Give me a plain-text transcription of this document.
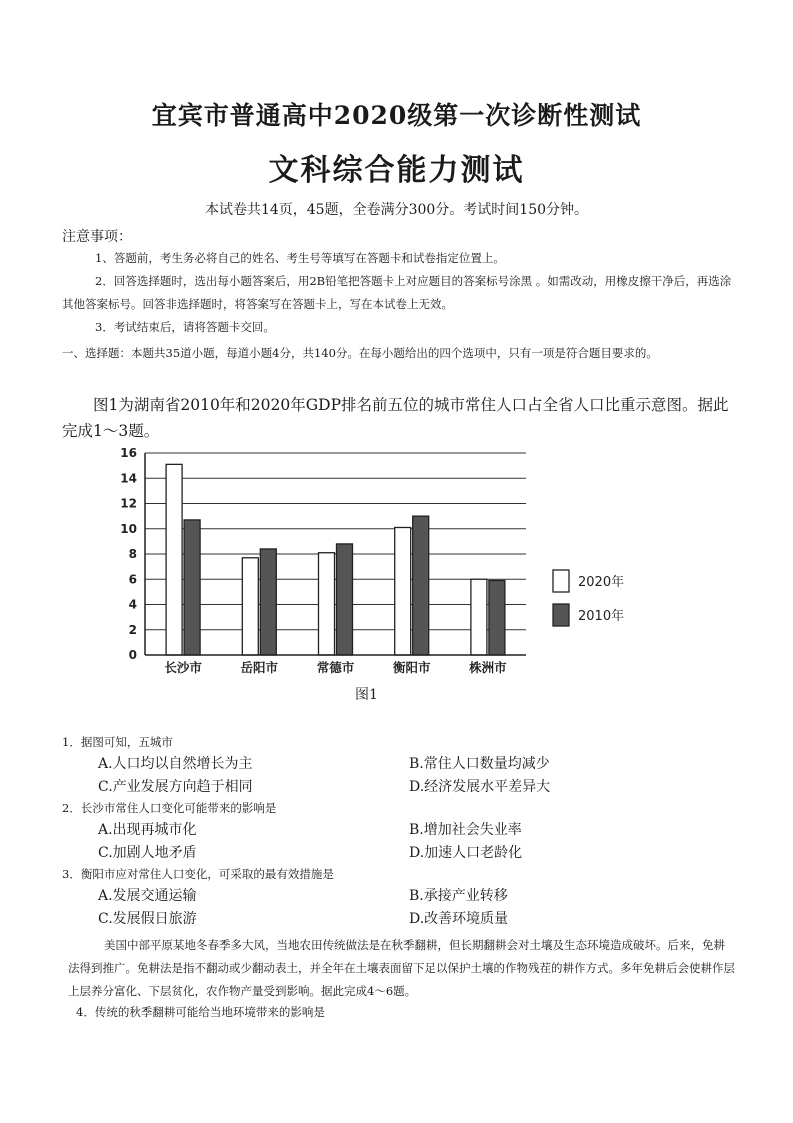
宜宾市普通高中2020级第一次诊断性测试
文科综合能力测试
本试卷共14页，45题，全卷满分300分。考试时间150分钟。
注意事项：
1、答题前，考生务必将自己的姓名、考生号等填写在答题卡和试卷指定位置上。
2．回答选择题时，选出每小题答案后，用2B铅笔把答题卡上对应题目的答案标号涂黑 。如需改动，用橡皮擦干净后，再选涂其他答案标号。回答非选择题时，将答案写在答题卡上，写在本试卷上无效。
3．考试结束后，请将答题卡交回。
一、选择题：本题共35道小题，每道小题4分，共140分。在每小题给出的四个选项中，只有一项是符合题目要求的。
图1为湖南省2010年和2020年GDP排名前五位的城市常住人口占全省人口比重示意图。据此完成1～3题。
0
2
4
6
8
10
12
14
16
长沙市	岳阳市	常德市	衡阳市	株洲市
2020年
2010年
图1
1．据图可知，五城市
A.人口均以自然增长为主	B.常住人口数量均减少
C.产业发展方向趋于相同	D.经济发展水平差异大
2．长沙市常住人口变化可能带来的影响是
A.出现再城市化	B.增加社会失业率
C.加剧人地矛盾	D.加速人口老龄化
3．衡阳市应对常住人口变化，可采取的最有效措施是
A.发展交通运输	B.承接产业转移
C.发展假日旅游	D.改善环境质量
美国中部平原某地冬春季多大风，当地农田传统做法是在秋季翻耕，但长期翻耕会对土壤及生态环境造成破坏。后来，免耕法得到推广。免耕法是指不翻动或少翻动表土，并全年在土壤表面留下足以保护土壤的作物残茬的耕作方式。多年免耕后会使耕作层上层养分富化、下层贫化，农作物产量受到影响。据此完成4～6题。
4．传统的秋季翻耕可能给当地环境带来的影响是
